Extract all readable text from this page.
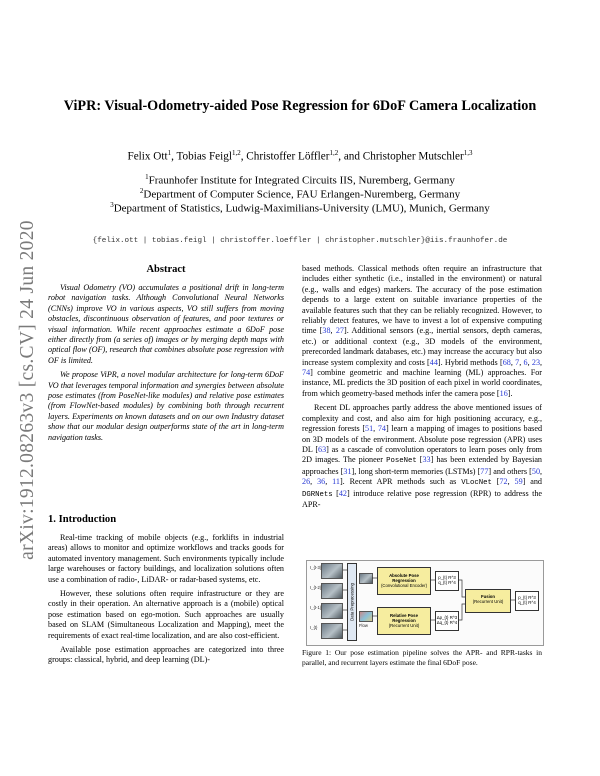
arXiv:1912.08263v3 [cs.CV] 24 Jun 2020
ViPR: Visual-Odometry-aided Pose Regression for 6DoF Camera Localization
Felix Ott$^1$, Tobias Feigl$^{1,2}$, Christoffer Löffler$^{1,2}$, and Christopher Mutschler$^{1,3}$
$^1$Fraunhofer Institute for Integrated Circuits IIS, Nuremberg, Germany
$^2$Department of Computer Science, FAU Erlangen-Nuremberg, Germany
$^3$Department of Statistics, Ludwig-Maximilians-University (LMU), Munich, Germany
{felix.ott | tobias.feigl | christoffer.loeffler | christopher.mutschler}@iis.fraunhofer.de
Abstract

Visual Odometry (VO) accumulates a positional drift in long-term robot navigation tasks. Although Convolutional Neural Networks (CNNs) improve VO in various aspects, VO still suffers from moving obstacles, discontinuous observation of features, and poor textures or visual information. While recent approaches estimate a 6DoF pose either directly from (a series of) images or by merging depth maps with optical flow (OF), research that combines absolute pose regression with OF is limited.

We propose ViPR, a novel modular architecture for long-term 6DoF VO that leverages temporal information and synergies between absolute pose estimates (from PoseNet-like modules) and relative pose estimates (from FlowNet-based modules) by combining both through recurrent layers. Experiments on known datasets and on our own Industry dataset show that our modular design outperforms state of the art in long-term navigation tasks.

1. Introduction

Real-time tracking of mobile objects (e.g., forklifts in industrial areas) allows to monitor and optimize workflows and tracks goods for automated inventory management. Such environments typically include large warehouses or factory buildings, and localization solutions often use a combination of radio-, LiDAR- or radar-based systems, etc.

However, these solutions often require infrastructure or they are costly in their operation. An alternative approach is a (mobile) optical pose estimation based on ego-motion. Such approaches are usually based on SLAM (Simultaneous Localization and Mapping), meet the requirements of exact real-time localization, and are also cost-efficient.

Available pose estimation approaches are categorized into three groups: classical, hybrid, and deep learning (DL)-

based methods. Classical methods often require an infrastructure that includes either synthetic (i.e., installed in the environment) or natural (e.g., walls and edges) markers. The accuracy of the pose estimation depends to a large extent on suitable invariance properties of the available features such that they can be reliably recognized. However, to reliably detect features, we have to invest a lot of expensive computing time [38, 27]. Additional sensors (e.g., inertial sensors, depth cameras, etc.) or additional context (e.g., 3D models of the environment, prerecorded landmark databases, etc.) may increase the accuracy but also increase system complexity and costs [44]. Hybrid methods [68, 7, 6, 23, 74] combine geometric and machine learning (ML) approaches. For instance, ML predicts the 3D position of each pixel in world coordinates, from which geometry-based methods infer the camera pose [16].

Recent DL approaches partly address the above mentioned issues of complexity and cost, and also aim for high positioning accuracy, e.g., regression forests [51, 74] learn a mapping of images to positions based on 3D models of the environment. Absolute pose regression (APR) uses DL [63] as a cascade of convolution operators to learn poses only from 2D images. The pioneer PoseNet [33] has been extended by Bayesian approaches [31], long short-term memories (LSTMs) [77] and others [50, 26, 36, 11]. Recent APR methods such as VLocNet [72, 59] and DGRNets [42] introduce relative pose regression (RPR) to address the APR-

I_{t-3}
I_{t-2}
I_{t-1}
I_{t}
Data Preprocessing
Flow
Absolute Pose Regression
(Convolutional Encoder)
Relative Pose Regression
(Recurrent Unit)
p_{t} R^3
q_{t} R^4
Δp_{t} R^3
Δq_{t} R^4
Fusion
(Recurrent Unit)
p_{t} R^3
q_{t} R^4
Figure 1: Our pose estimation pipeline solves the APR- and RPR-tasks in parallel, and recurrent layers estimate the final 6DoF pose.
